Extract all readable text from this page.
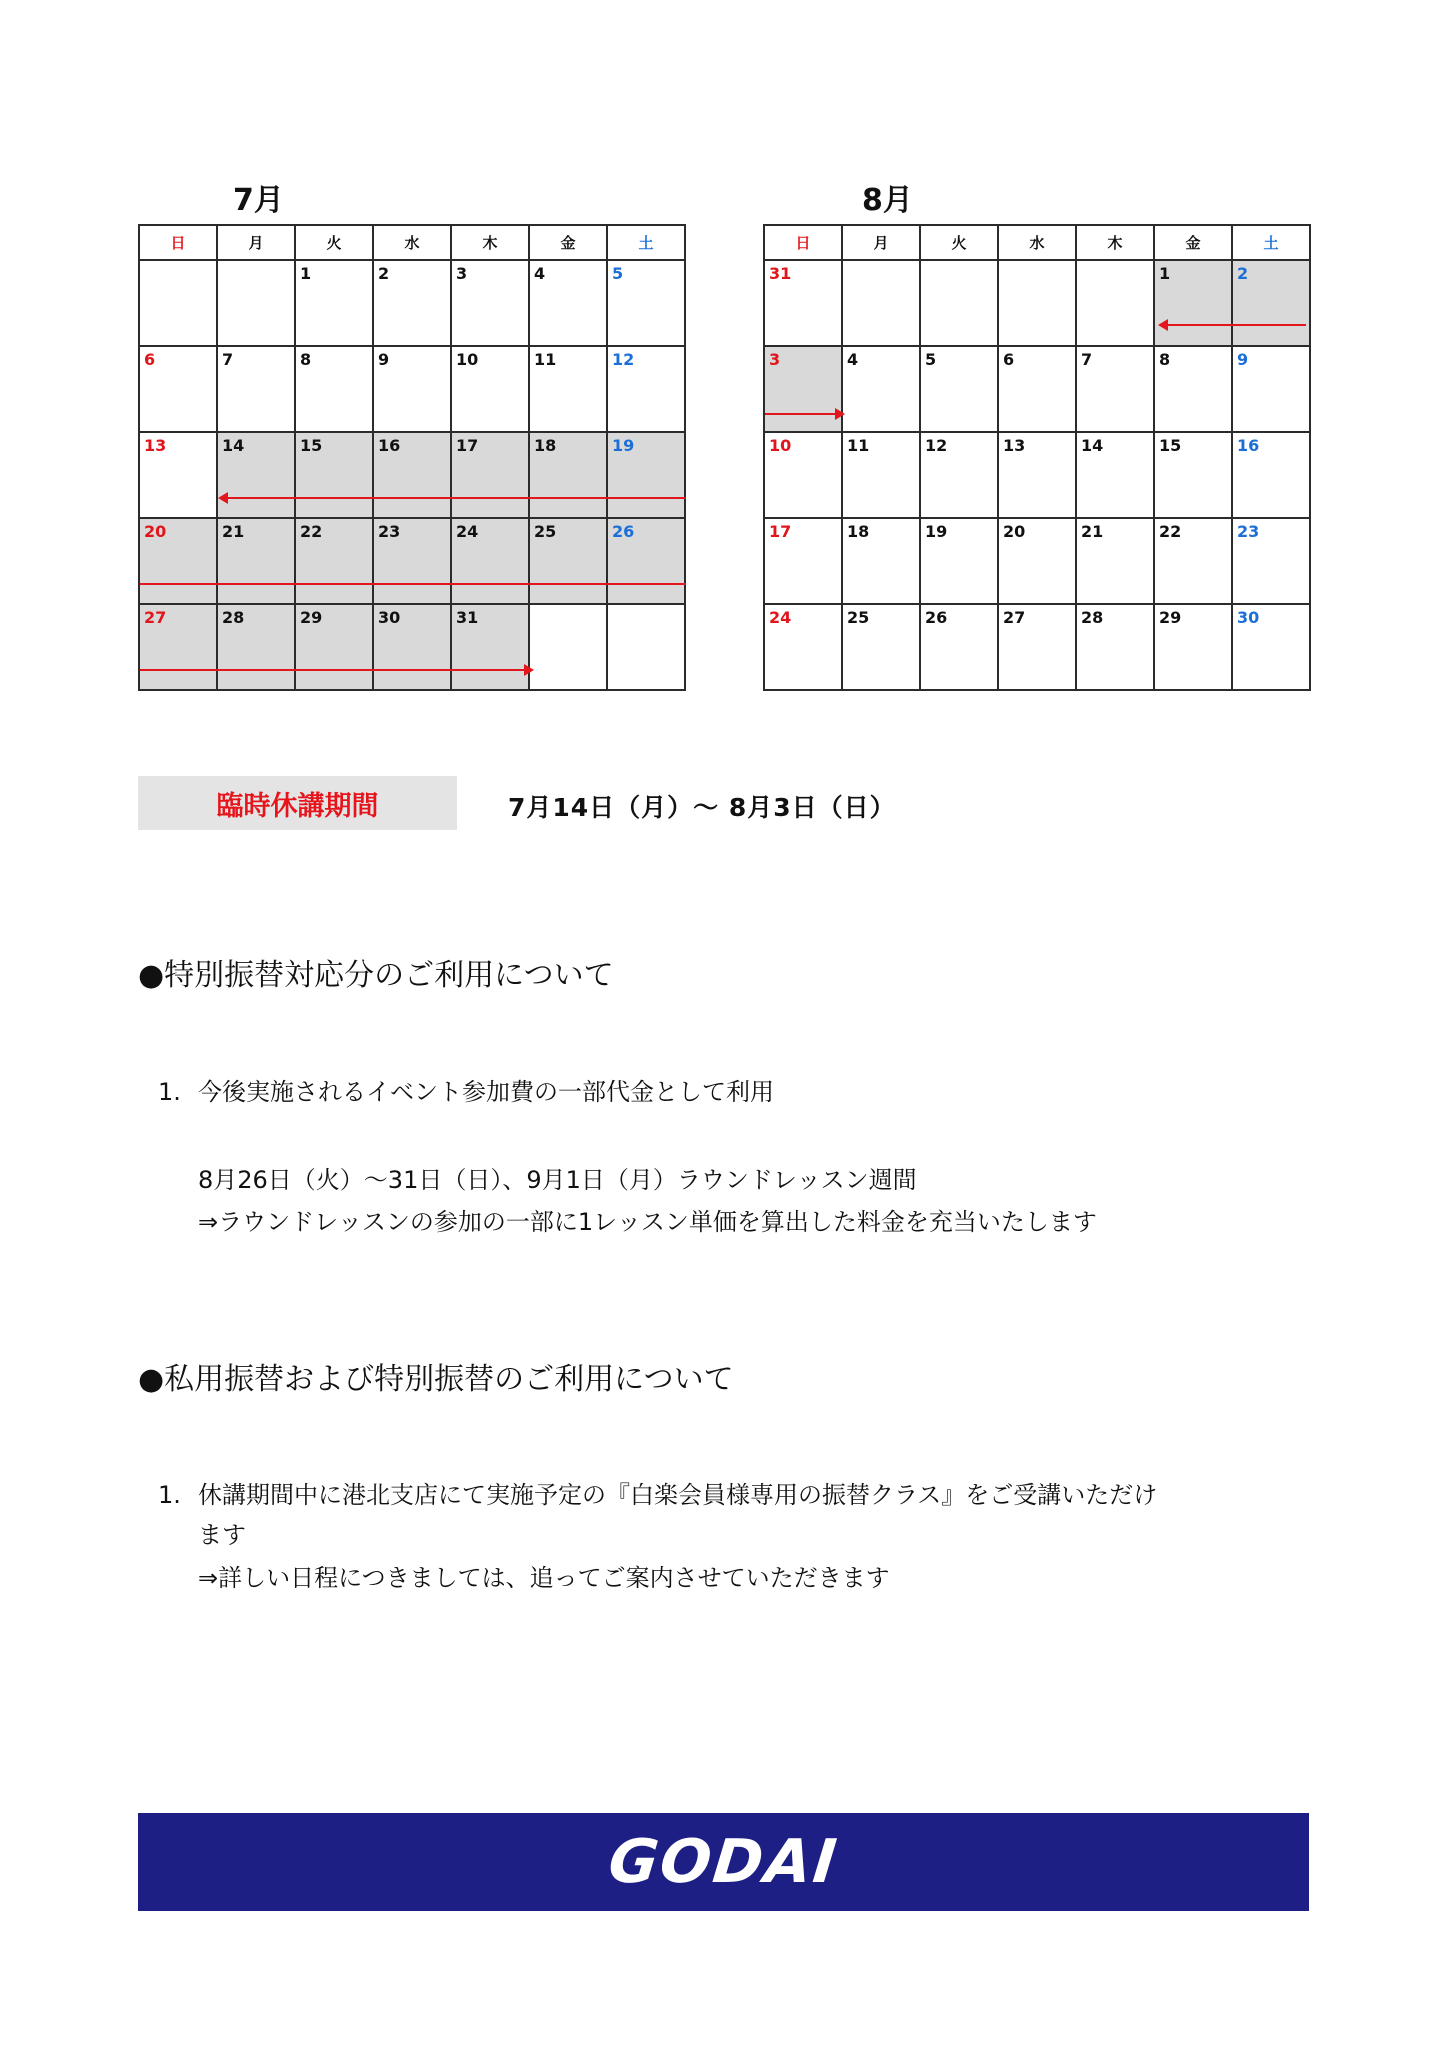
7月
日	月	火	水	木	金	土

		1	2	3	4	5

6	7	8	9	10	11	12

13	14	15	16	17	18	19

20	21	22	23	24	25	26

27	28	29	30	31		

8月
日	月	火	水	木	金	土

31					1	2

3	4	5	6	7	8	9

10	11	12	13	14	15	16

17	18	19	20	21	22	23

24	25	26	27	28	29	30
臨時休講期間	7月14日（月）～ 8月3日（日）
●特別振替対応分のご利用について
1. 今後実施されるイベント参加費の一部代金として利用
8月26日（火）～31日（日）、9月1日（月）ラウンドレッスン週間
⇒ラウンドレッスンの参加の一部に1レッスン単価を算出した料金を充当いたします
●私用振替および特別振替のご利用について
1. 休講期間中に港北支店にて実施予定の『白楽会員様専用の振替クラス』をご受講いただけ
ます
⇒詳しい日程につきましては、追ってご案内させていただきます
GODAI
